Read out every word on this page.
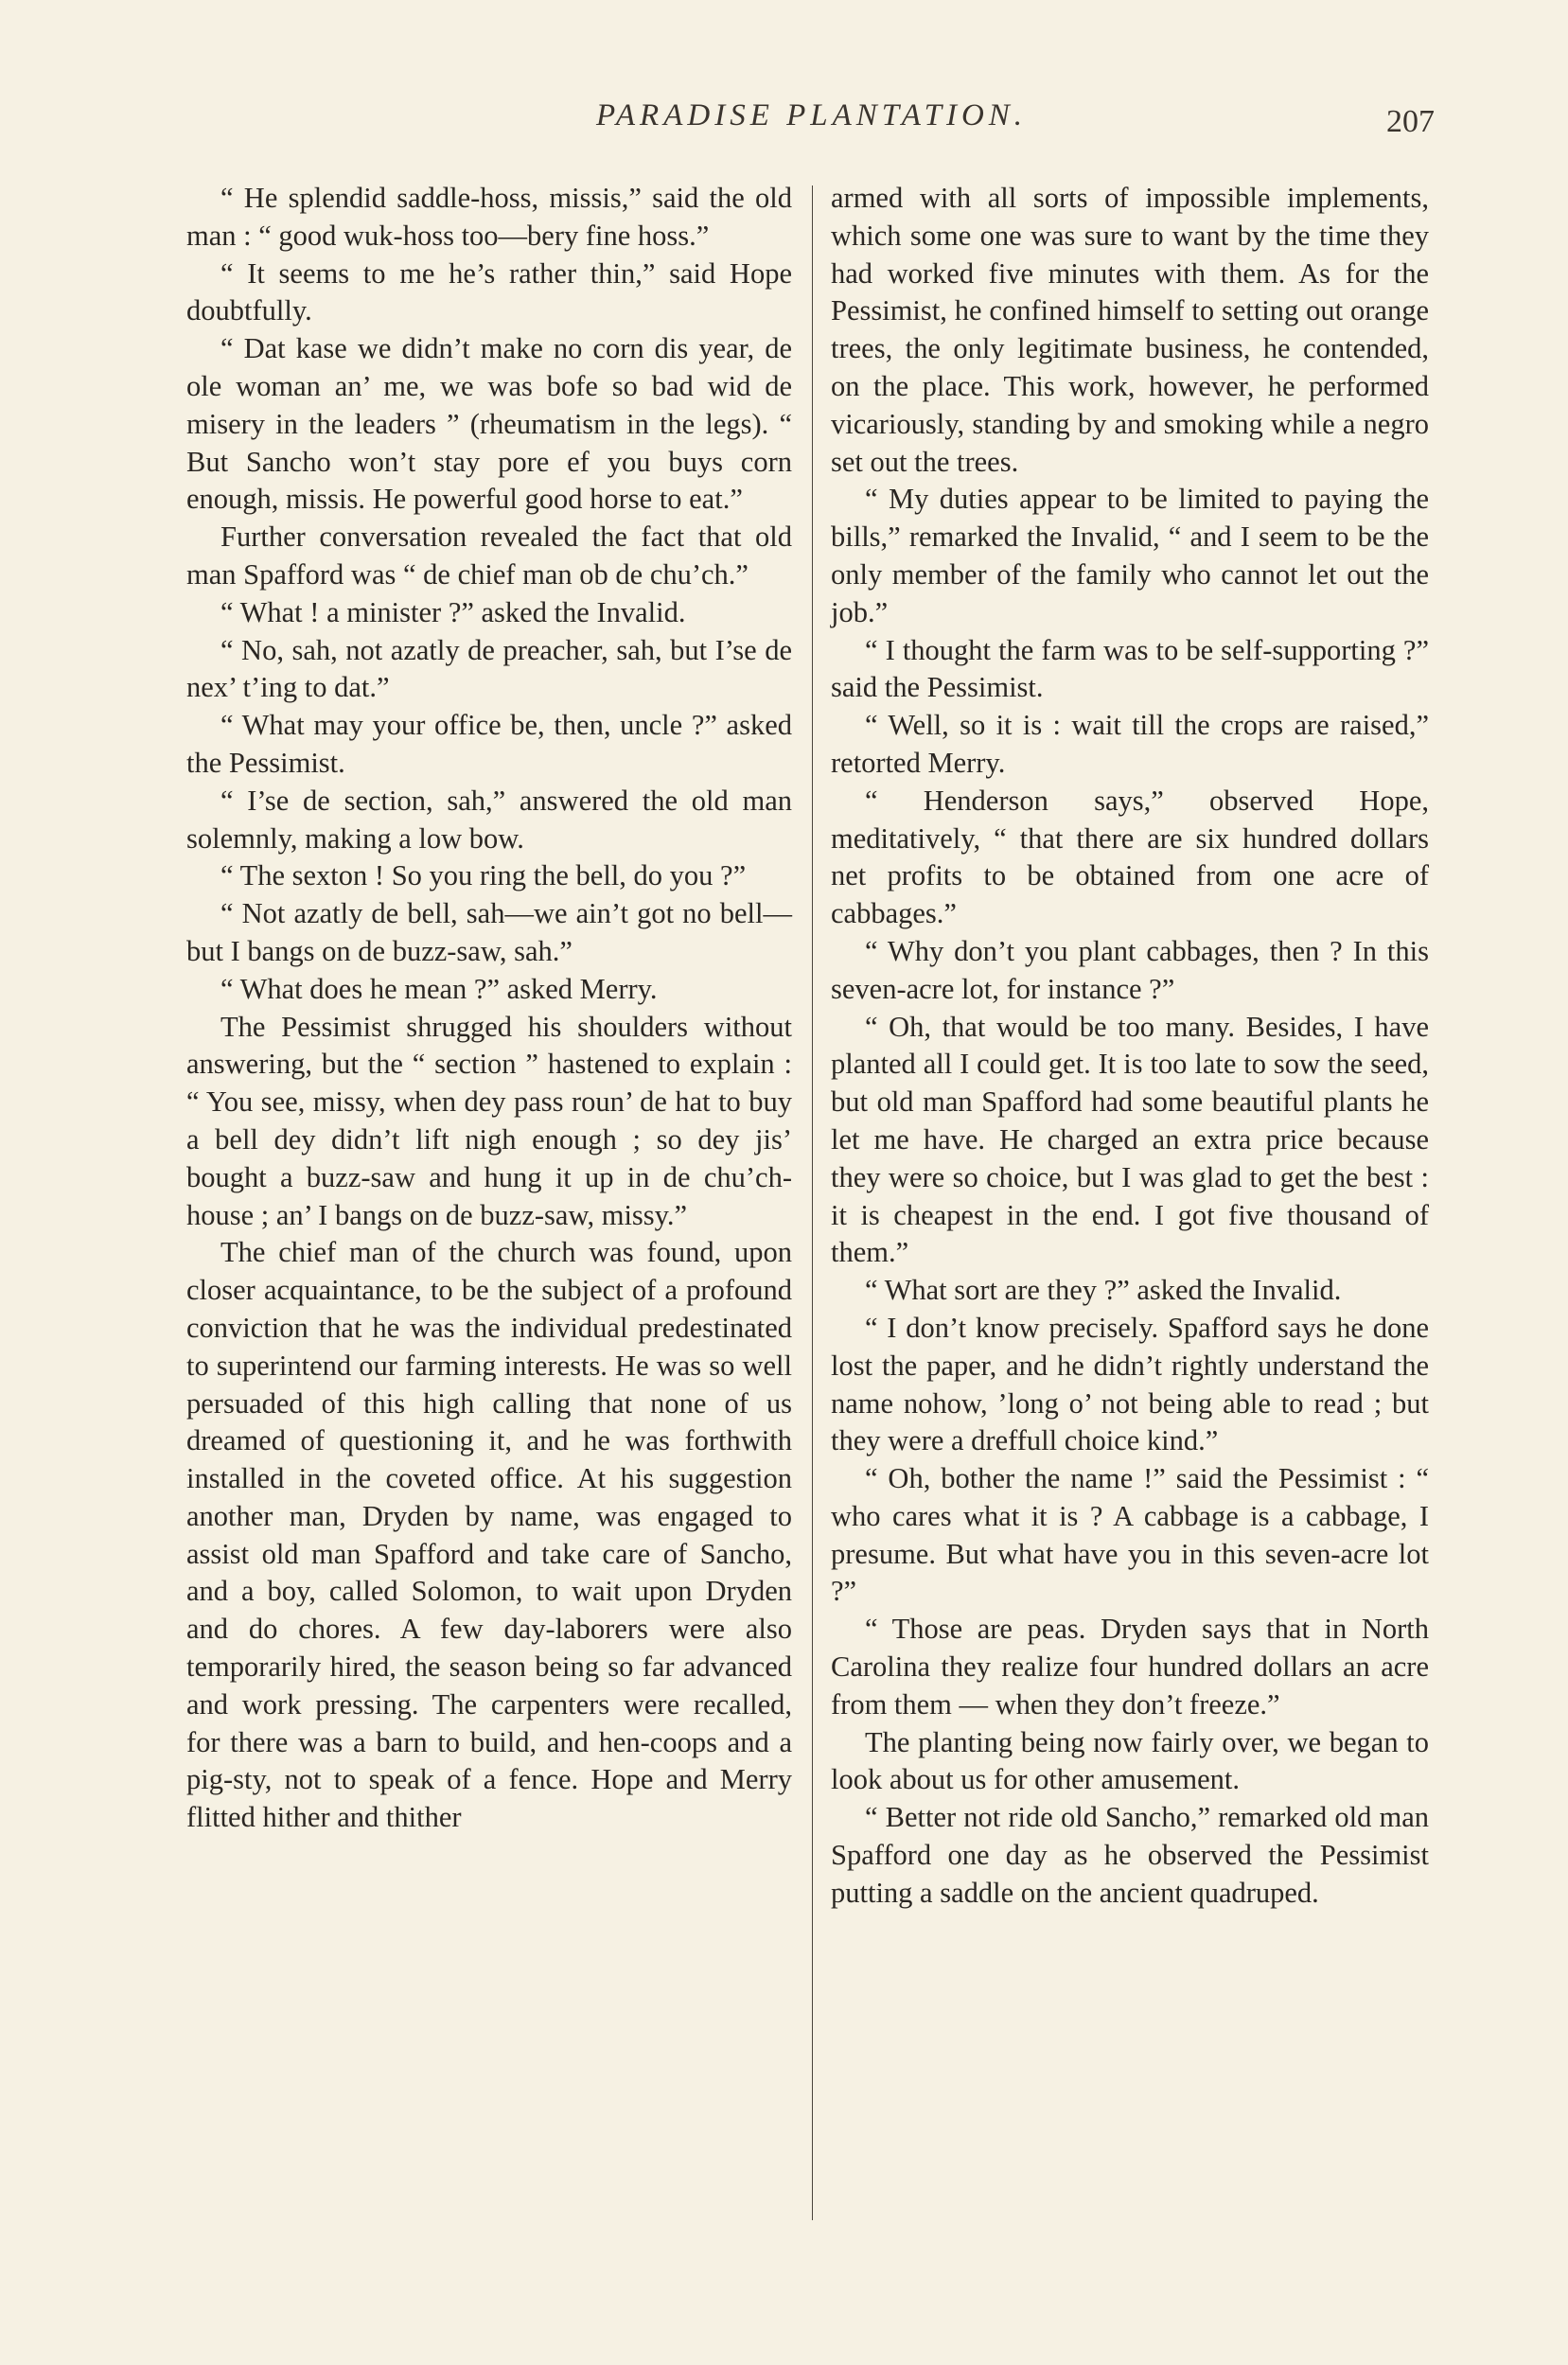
PARADISE PLANTATION.	207

“ He splendid saddle-hoss, missis,” said the old man : “ good wuk-hoss too—bery fine hoss.”

“ It seems to me he’s rather thin,” said Hope doubtfully.

“ Dat kase we didn’t make no corn dis year, de ole woman an’ me, we was bofe so bad wid de misery in the leaders ” (rheumatism in the legs). “ But Sancho won’t stay pore ef you buys corn enough, missis. He powerful good horse to eat.”

Further conversation revealed the fact that old man Spafford was “ de chief man ob de chu’ch.”

“ What ! a minister ?” asked the Invalid.

“ No, sah, not azatly de preacher, sah, but I’se de nex’ t’ing to dat.”

“ What may your office be, then, uncle ?” asked the Pessimist.

“ I’se de section, sah,” answered the old man solemnly, making a low bow.

“ The sexton ! So you ring the bell, do you ?”

“ Not azatly de bell, sah—we ain’t got no bell—but I bangs on de buzz-saw, sah.”

“ What does he mean ?” asked Merry.

The Pessimist shrugged his shoulders without answering, but the “ section ” hastened to explain : “ You see, missy, when dey pass roun’ de hat to buy a bell dey didn’t lift nigh enough ; so dey jis’ bought a buzz-saw and hung it up in de chu’ch-house ; an’ I bangs on de buzz-saw, missy.”

The chief man of the church was found, upon closer acquaintance, to be the subject of a profound conviction that he was the individual predestinated to superintend our farming interests. He was so well persuaded of this high calling that none of us dreamed of questioning it, and he was forthwith installed in the coveted office. At his suggestion another man, Dryden by name, was engaged to assist old man Spafford and take care of Sancho, and a boy, called Solomon, to wait upon Dryden and do chores. A few day-laborers were also temporarily hired, the season being so far advanced and work pressing. The carpenters were recalled, for there was a barn to build, and hen-coops and a pig-sty, not to speak of a fence. Hope and Merry flitted hither and thither

armed with all sorts of impossible implements, which some one was sure to want by the time they had worked five minutes with them. As for the Pessimist, he confined himself to setting out orange trees, the only legitimate business, he contended, on the place. This work, however, he performed vicariously, standing by and smoking while a negro set out the trees.

“ My duties appear to be limited to paying the bills,” remarked the Invalid, “ and I seem to be the only member of the family who cannot let out the job.”

“ I thought the farm was to be self-supporting ?” said the Pessimist.

“ Well, so it is : wait till the crops are raised,” retorted Merry.

“ Henderson says,” observed Hope, meditatively, “ that there are six hundred dollars net profits to be obtained from one acre of cabbages.”

“ Why don’t you plant cabbages, then ? In this seven-acre lot, for instance ?”

“ Oh, that would be too many. Besides, I have planted all I could get. It is too late to sow the seed, but old man Spafford had some beautiful plants he let me have. He charged an extra price because they were so choice, but I was glad to get the best : it is cheapest in the end. I got five thousand of them.”

“ What sort are they ?” asked the Invalid.

“ I don’t know precisely. Spafford says he done lost the paper, and he didn’t rightly understand the name nohow, ’long o’ not being able to read ; but they were a dreffull choice kind.”

“ Oh, bother the name !” said the Pessimist : “ who cares what it is ? A cabbage is a cabbage, I presume. But what have you in this seven-acre lot ?”

“ Those are peas. Dryden says that in North Carolina they realize four hundred dollars an acre from them — when they don’t freeze.”

The planting being now fairly over, we began to look about us for other amusement.

“ Better not ride old Sancho,” remarked old man Spafford one day as he observed the Pessimist putting a saddle on the ancient quadruped.
